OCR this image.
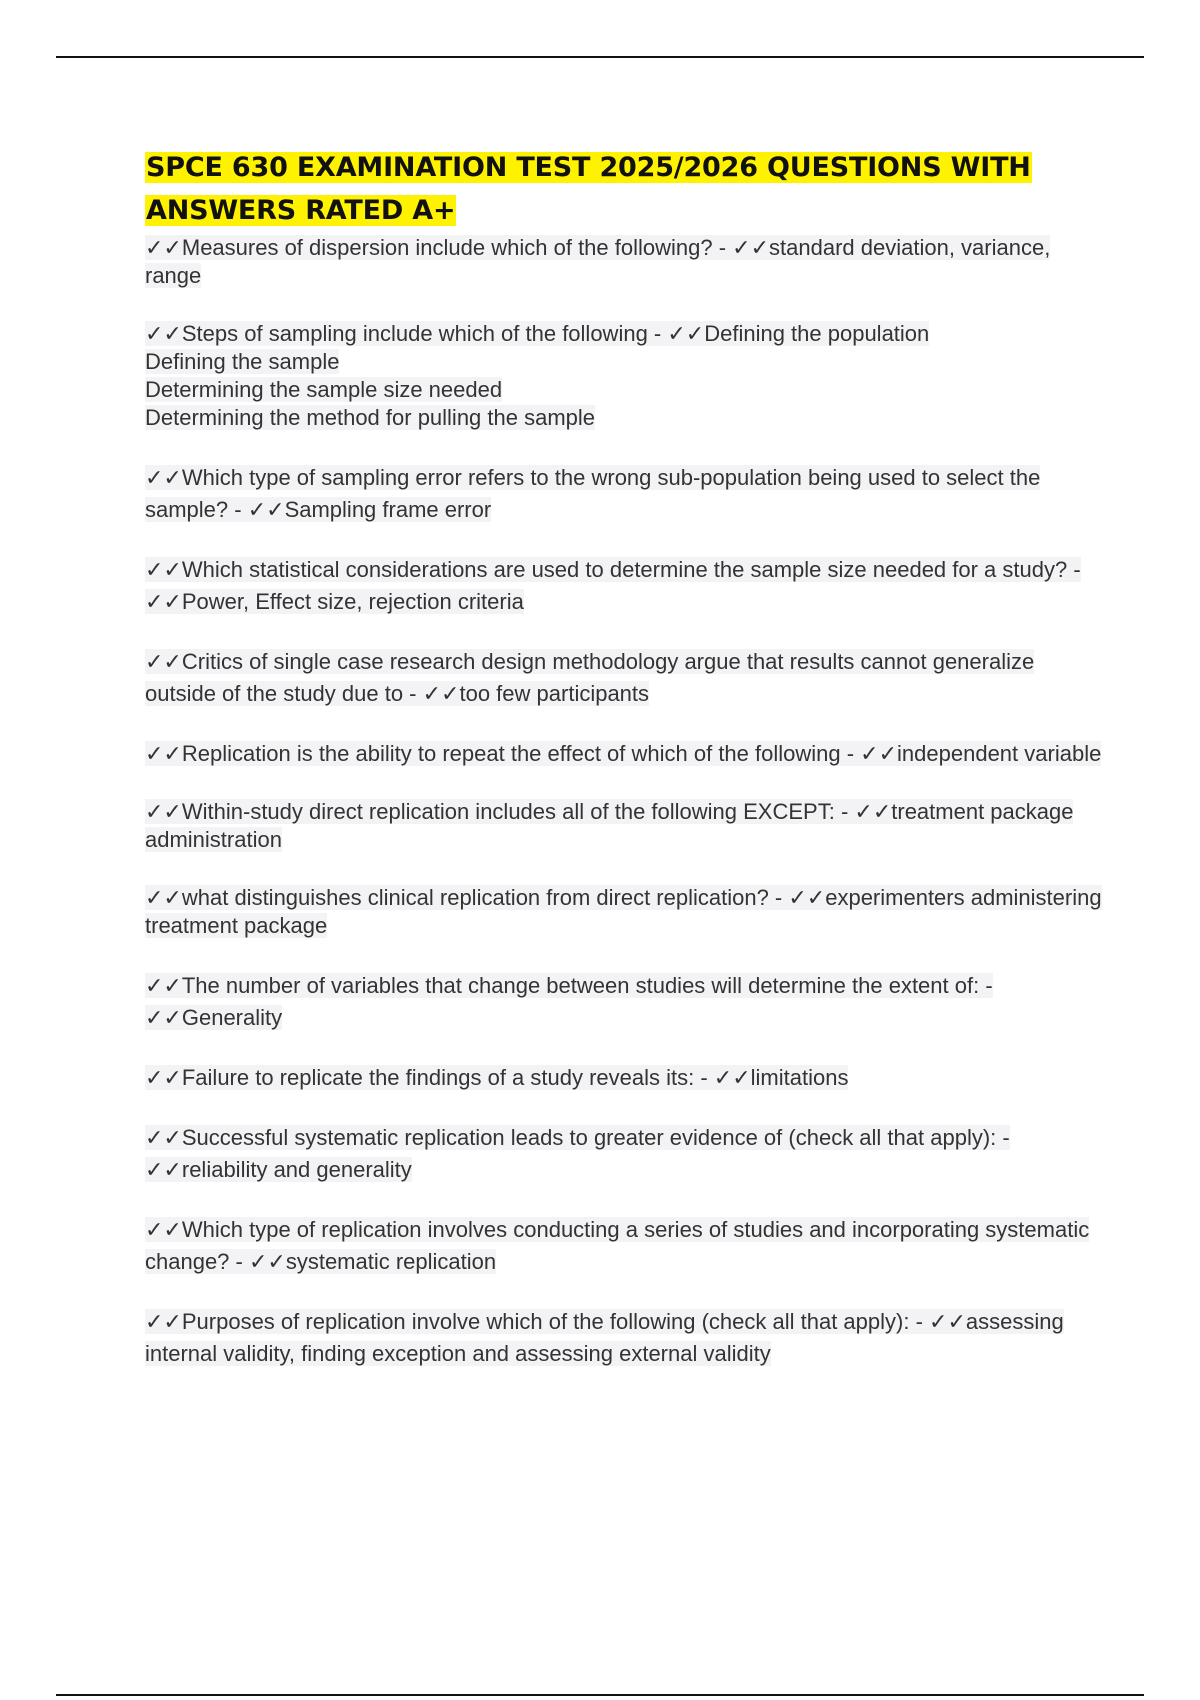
SPCE 630 EXAMINATION TEST 2025/2026 QUESTIONS WITH ANSWERS RATED A+
✓✓Measures of dispersion include which of the following? - ✓✓standard deviation, variance, range
✓✓Steps of sampling include which of the following - ✓✓Defining the population
Defining the sample
Determining the sample size needed
Determining the method for pulling the sample
✓✓Which type of sampling error refers to the wrong sub-population being used to select the sample? - ✓✓Sampling frame error
✓✓Which statistical considerations are used to determine the sample size needed for a study? - ✓✓Power, Effect size, rejection criteria
✓✓Critics of single case research design methodology argue that results cannot generalize outside of the study due to - ✓✓too few participants
✓✓Replication is the ability to repeat the effect of which of the following - ✓✓independent variable
✓✓Within-study direct replication includes all of the following EXCEPT: - ✓✓treatment package administration
✓✓what distinguishes clinical replication from direct replication? - ✓✓experimenters administering treatment package
✓✓The number of variables that change between studies will determine the extent of: - ✓✓Generality
✓✓Failure to replicate the findings of a study reveals its: - ✓✓limitations
✓✓Successful systematic replication leads to greater evidence of (check all that apply): - ✓✓reliability and generality
✓✓Which type of replication involves conducting a series of studies and incorporating systematic change? - ✓✓systematic replication
✓✓Purposes of replication involve which of the following (check all that apply): - ✓✓assessing internal validity, finding exception and assessing external validity
